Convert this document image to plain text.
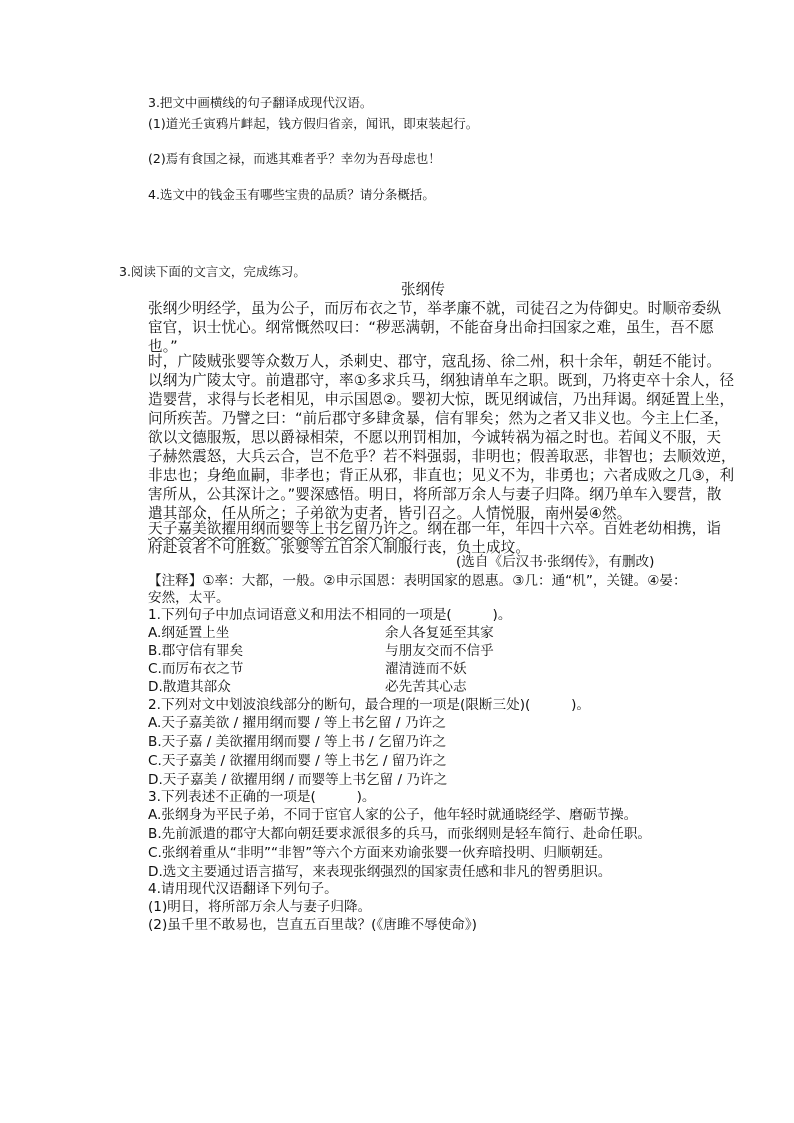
3.把文中画横线的句子翻译成现代汉语。
(1)道光壬寅鸦片衅起，钱方假归省亲，闻讯，即束装起行。
(2)焉有食国之禄，而逃其难者乎？幸勿为吾母虑也！
4.选文中的钱金玉有哪些宝贵的品质？请分条概括。
3.阅读下面的文言文，完成练习。
张纲传
张纲少明经学，虽为公子，而厉布衣之节，举孝廉不就，司徒召之为侍御史。时顺帝委纵
宦官，识士忧心。纲常慨然叹曰：“秽恶满朝，不能奋身出命扫国家之难，虽生，吾不愿
也。”
时，广陵贼张婴等众数万人，杀刺史、郡守，寇乱扬、徐二州，积十余年，朝廷不能讨。
以纲为广陵太守。前遣郡守，率①多求兵马，纲独请单车之职。既到，乃将吏卒十余人，径
造婴营，求得与长老相见，申示国恩②。婴初大惊，既见纲诚信，乃出拜谒。纲延置上坐，
问所疾苦。乃譬之曰：“前后郡守多肆贪暴，信有罪矣；然为之者又非义也。今主上仁圣，
欲以文德服叛，思以爵禄相荣，不愿以刑罚相加，今诚转祸为福之时也。若闻义不服，天
子赫然震怒，大兵云合，岂不危乎？若不料强弱，非明也；假善取恶，非智也；去顺效逆，
非忠也；身绝血嗣，非孝也；背正从邪，非直也；见义不为，非勇也；六者成败之几③，利
害所从，公其深计之。”婴深感悟。明日，将所部万余人与妻子归降。纲乃单车入婴营，散
遣其部众，任从所之；子弟欲为吏者，皆引召之。人情悦服，南州晏④然。
天子嘉美欲擢用纲而婴等上书乞留乃许之。纲在郡一年，年四十六卒。百姓老幼相携，诣
府赴哀者不可胜数。张婴等五百余人制服行丧，负土成坟。
(选自《后汉书·张纲传》，有删改)
【注释】①率：大都，一般。②申示国恩：表明国家的恩惠。③几：通“机”，关键。④晏：
安然，太平。
1.下列句子中加点词语意义和用法不相同的一项是(　　　)。
A.纲延置上坐	余人各复延至其家
B.郡守信有罪矣	与朋友交而不信乎
C.而厉布衣之节	濯清涟而不妖
D.散遣其部众	必先苦其心志
2.下列对文中划波浪线部分的断句，最合理的一项是(限断三处)(　　　)。
A.天子嘉美欲 / 擢用纲而婴 / 等上书乞留 / 乃许之
B.天子嘉 / 美欲擢用纲而婴 / 等上书 / 乞留乃许之
C.天子嘉美 / 欲擢用纲而婴 / 等上书乞 / 留乃许之
D.天子嘉美 / 欲擢用纲 / 而婴等上书乞留 / 乃许之
3.下列表述不正确的一项是(　　　)。
A.张纲身为平民子弟，不同于宦官人家的公子，他年轻时就通晓经学、磨砺节操。
B.先前派遣的郡守大都向朝廷要求派很多的兵马，而张纲则是轻车简行、赴命任职。
C.张纲着重从“非明”“非智”等六个方面来劝谕张婴一伙弃暗投明、归顺朝廷。
D.选文主要通过语言描写，来表现张纲强烈的国家责任感和非凡的智勇胆识。
4.请用现代汉语翻译下列句子。
(1)明日，将所部万余人与妻子归降。
(2)虽千里不敢易也，岂直五百里哉？(《唐雎不辱使命》)
